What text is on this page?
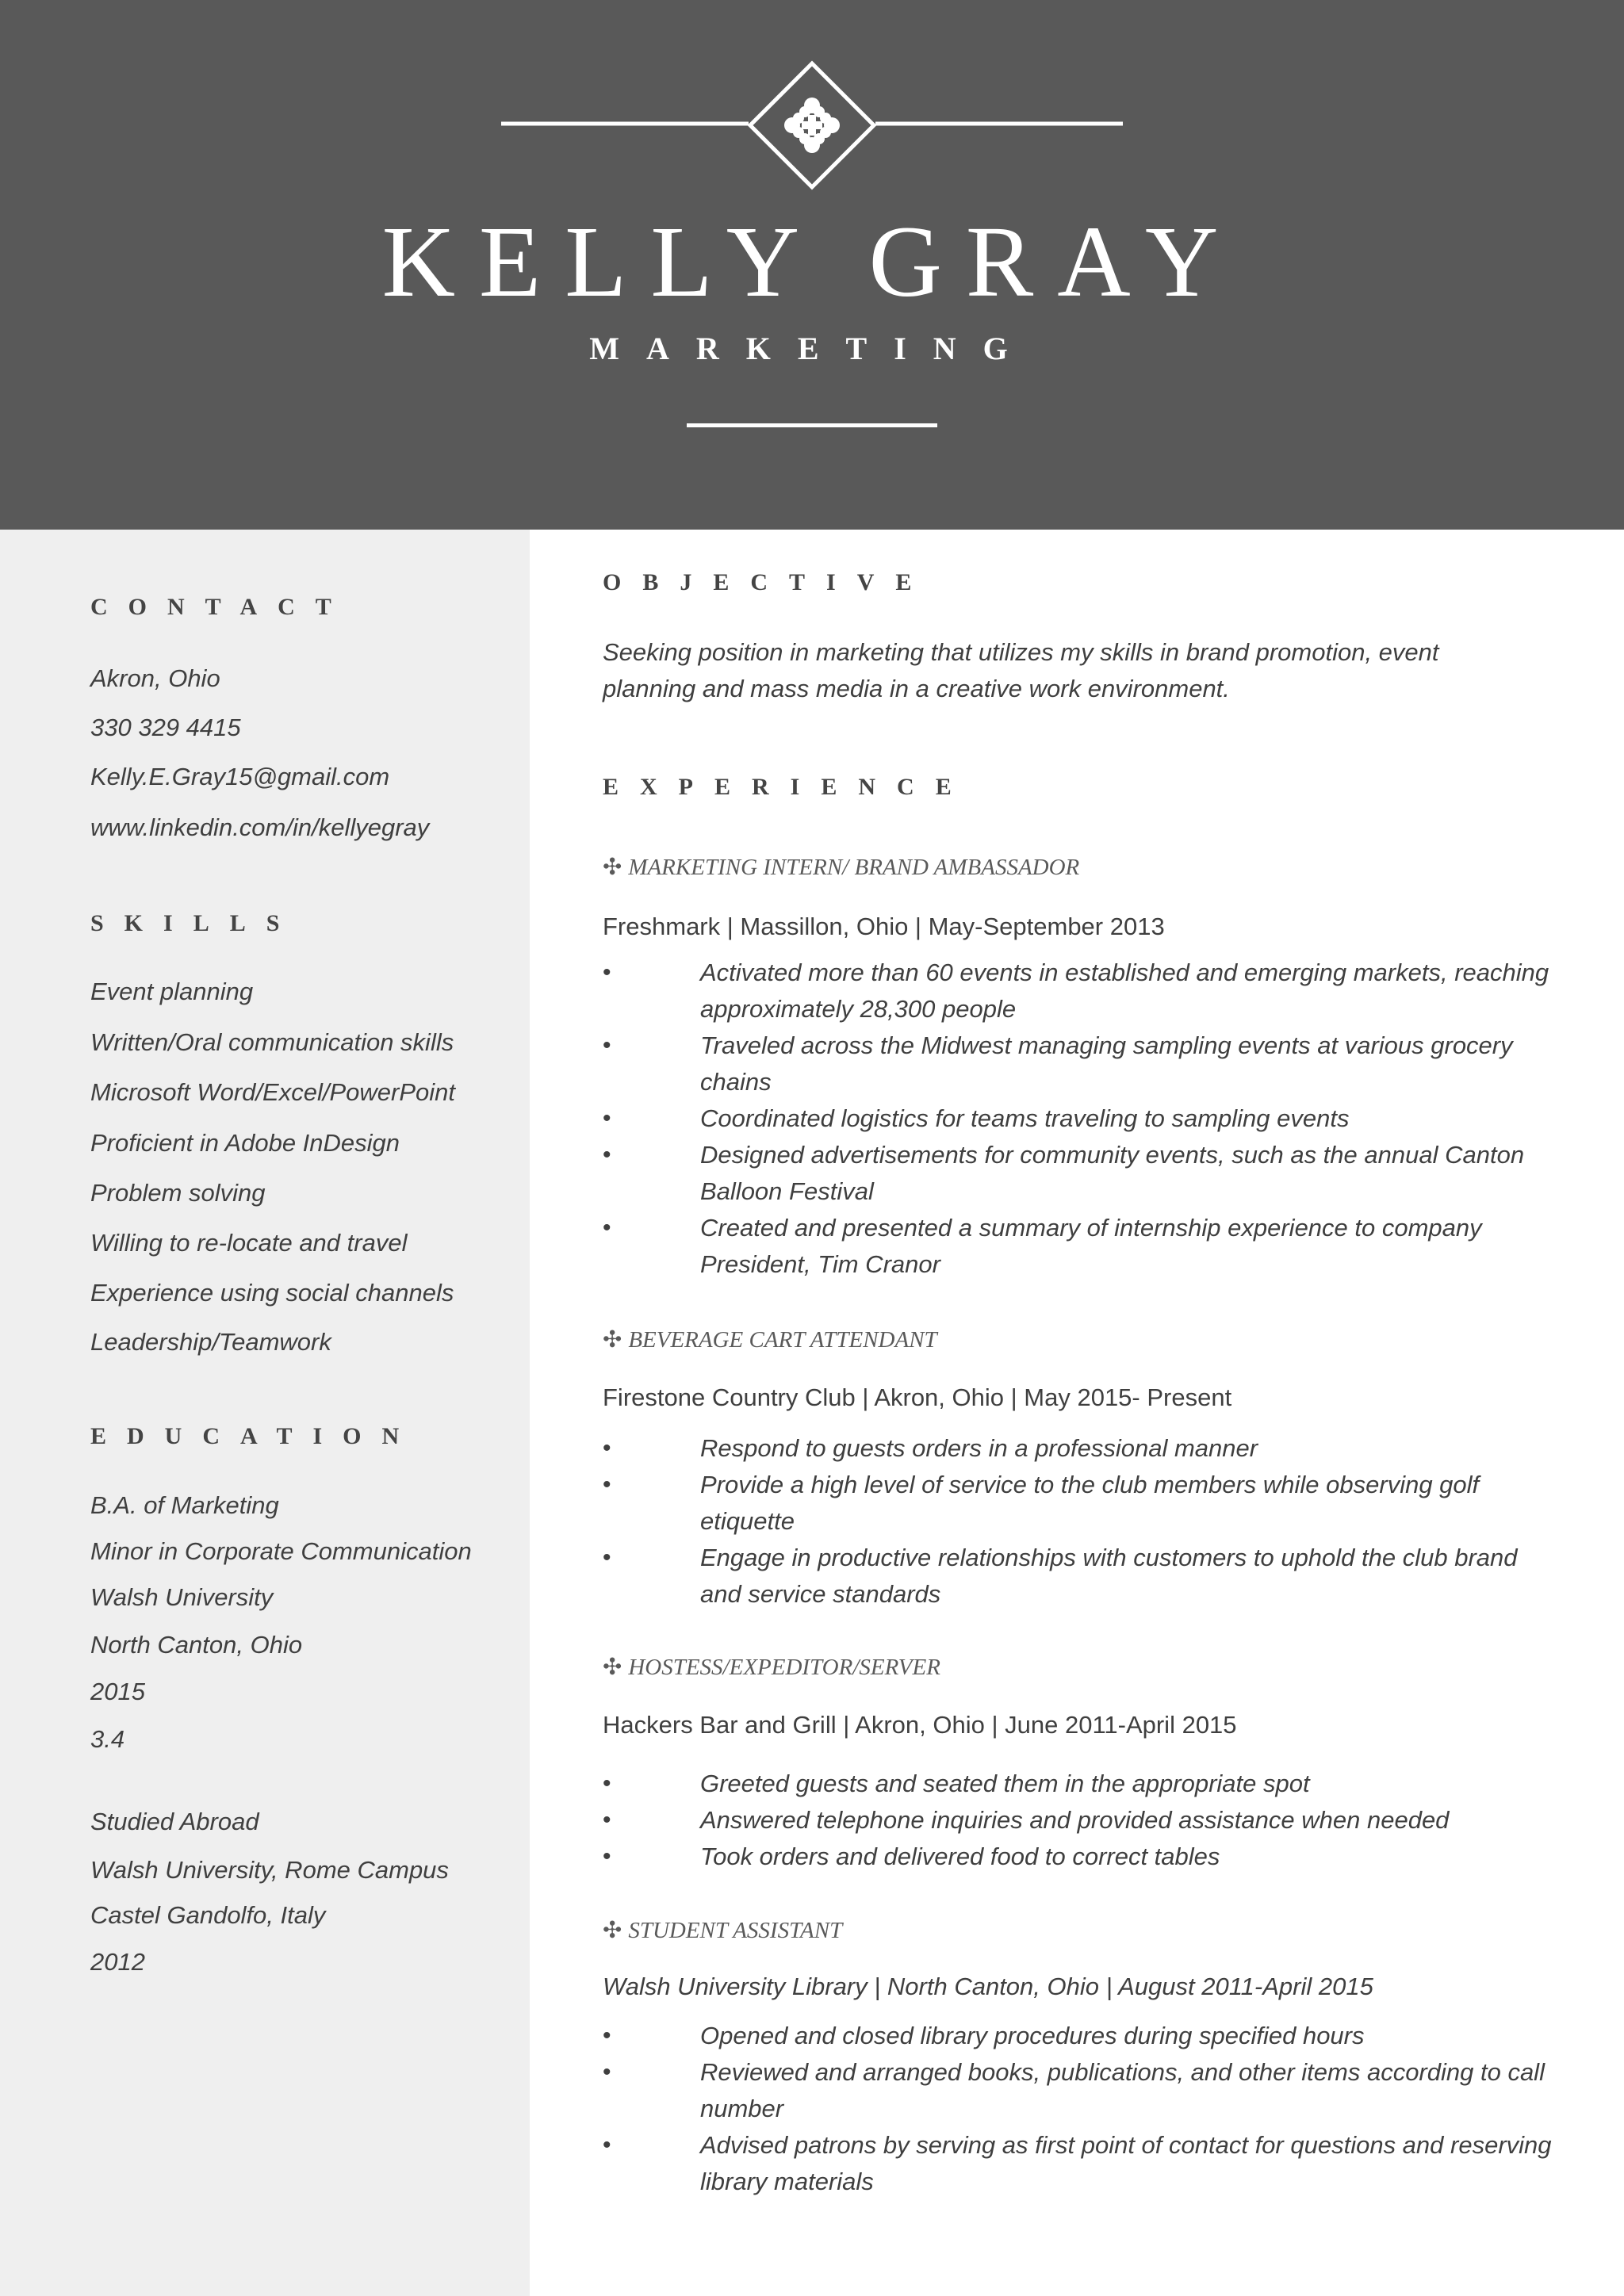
KELLY GRAY
MARKETING
CONTACT
Akron, Ohio
330 329 4415
Kelly.E.Gray15@gmail.com
www.linkedin.com/in/kellyegray
SKILLS
Event planning
Written/Oral communication skills
Microsoft Word/Excel/PowerPoint
Proficient in Adobe InDesign
Problem solving
Willing to re-locate and travel
Experience using social channels
Leadership/Teamwork
EDUCATION
B.A. of Marketing
Minor in Corporate Communication
Walsh University
North Canton, Ohio
2015
3.4
Studied Abroad
Walsh University, Rome Campus
Castel Gandolfo, Italy
2012
OBJECTIVE
Seeking position in marketing that utilizes my skills in brand promotion, event planning and mass media in a creative work environment.
EXPERIENCE
✣ MARKETING INTERN/ BRAND AMBASSADOR
Freshmark | Massillon, Ohio | May-September 2013
•	Activated more than 60 events in established and emerging markets, reaching approximately 28,300 people
•	Traveled across the Midwest managing sampling events at various grocery chains
•	Coordinated logistics for teams traveling to sampling events
•	Designed advertisements for community events, such as the annual Canton Balloon Festival
•	Created and presented a summary of internship experience to company President, Tim Cranor
✣ BEVERAGE CART ATTENDANT
Firestone Country Club | Akron, Ohio | May 2015- Present
•	Respond to guests orders in a professional manner
•	Provide a high level of service to the club members while observing golf etiquette
•	Engage in productive relationships with customers to uphold the club brand and service standards
✣ HOSTESS/EXPEDITOR/SERVER
Hackers Bar and Grill | Akron, Ohio | June 2011-April 2015
•	Greeted guests and seated them in the appropriate spot
•	Answered telephone inquiries and provided assistance when needed
•	Took orders and delivered food to correct tables
✣ STUDENT ASSISTANT
Walsh University Library | North Canton, Ohio | August 2011-April 2015
•	Opened and closed library procedures during specified hours
•	Reviewed and arranged books, publications, and other items according to call number
•	Advised patrons by serving as first point of contact for questions and reserving library materials
